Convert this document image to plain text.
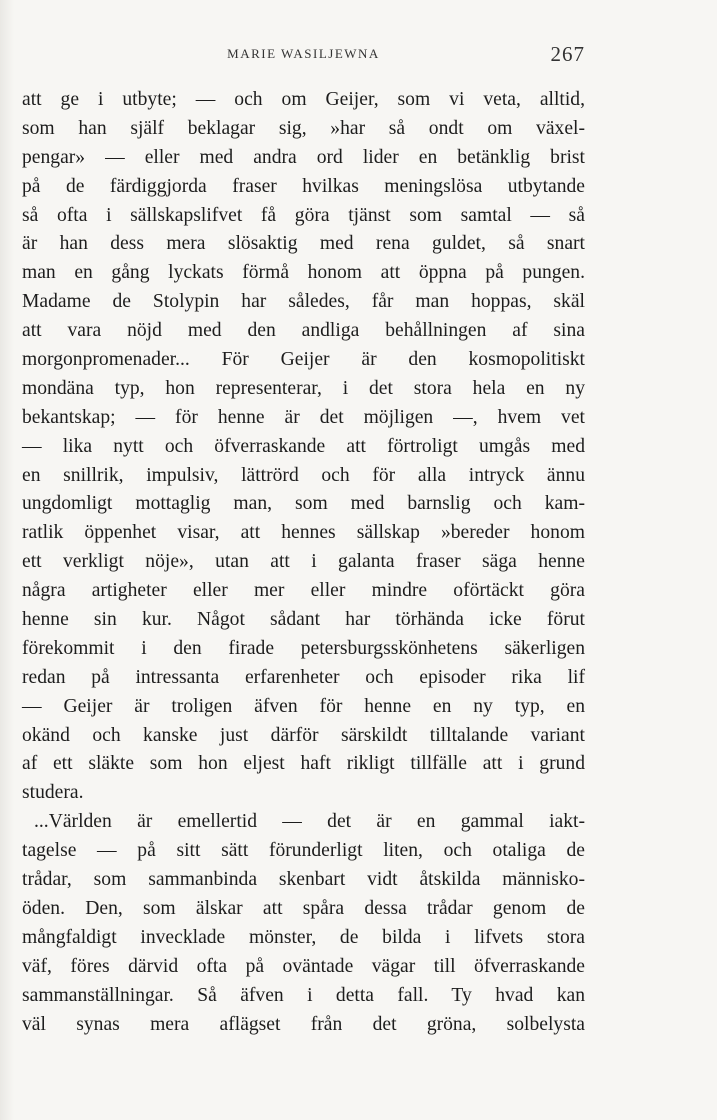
MARIE WASILJEWNA	267
att ge i utbyte; — och om Geijer, som vi veta, alltid,
som han själf beklagar sig, »har så ondt om växel-
pengar» — eller med andra ord lider en betänklig brist
på de färdiggjorda fraser hvilkas meningslösa utbytande
så ofta i sällskapslifvet få göra tjänst som samtal — så
är han dess mera slösaktig med rena guldet, så snart
man en gång lyckats förmå honom att öppna på pungen.
Madame de Stolypin har således, får man hoppas, skäl
att vara nöjd med den andliga behållningen af sina
morgonpromenader... För Geijer är den kosmopolitiskt
mondäna typ, hon representerar, i det stora hela en ny
bekantskap; — för henne är det möjligen —, hvem vet
— lika nytt och öfverraskande att förtroligt umgås med
en snillrik, impulsiv, lättrörd och för alla intryck ännu
ungdomligt mottaglig man, som med barnslig och kam-
ratlik öppenhet visar, att hennes sällskap »bereder honom
ett verkligt nöje», utan att i galanta fraser säga henne
några artigheter eller mer eller mindre oförtäckt göra
henne sin kur. Något sådant har törhända icke förut
förekommit i den firade petersburgsskönhetens säkerligen
redan på intressanta erfarenheter och episoder rika lif
— Geijer är troligen äfven för henne en ny typ, en
okänd och kanske just därför särskildt tilltalande variant
af ett släkte som hon eljest haft rikligt tillfälle att i grund
studera.
...Världen är emellertid — det är en gammal iakt-
tagelse — på sitt sätt förunderligt liten, och otaliga de
trådar, som sammanbinda skenbart vidt åtskilda människo-
öden. Den, som älskar att spåra dessa trådar genom de
mångfaldigt invecklade mönster, de bilda i lifvets stora
väf, föres därvid ofta på oväntade vägar till öfverraskande
sammanställningar. Så äfven i detta fall. Ty hvad kan
väl synas mera aflägset från det gröna, solbelysta
